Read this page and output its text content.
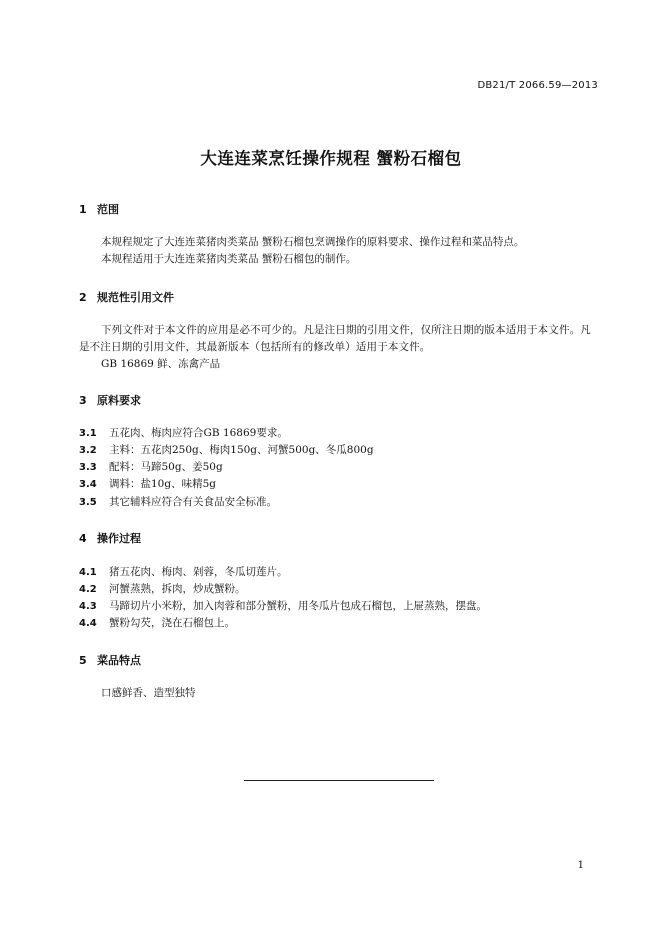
DB21/T 2066.59—2013
大连连菜烹饪操作规程 蟹粉石榴包
1 范围
本规程规定了大连连菜猪肉类菜品 蟹粉石榴包烹调操作的原料要求、操作过程和菜品特点。
本规程适用于大连连菜猪肉类菜品 蟹粉石榴包的制作。
2 规范性引用文件
下列文件对于本文件的应用是必不可少的。凡是注日期的引用文件，仅所注日期的版本适用于本文件。凡是不注日期的引用文件，其最新版本（包括所有的修改单）适用于本文件。
GB 16869 鲜、冻禽产品
3 原料要求
3.1 五花肉、梅肉应符合GB 16869要求。
3.2 主料：五花肉250g、梅肉150g、河蟹500g、冬瓜800g
3.3 配料：马蹄50g、姜50g
3.4 调料：盐10g、味精5g
3.5 其它辅料应符合有关食品安全标准。
4 操作过程
4.1 猪五花肉、梅肉、剁蓉，冬瓜切莲片。
4.2 河蟹蒸熟，拆肉，炒成蟹粉。
4.3 马蹄切片小米粉，加入肉蓉和部分蟹粉，用冬瓜片包成石榴包，上屉蒸熟，摆盘。
4.4 蟹粉勾芡，浇在石榴包上。
5 菜品特点
口感鲜香、造型独特
1
